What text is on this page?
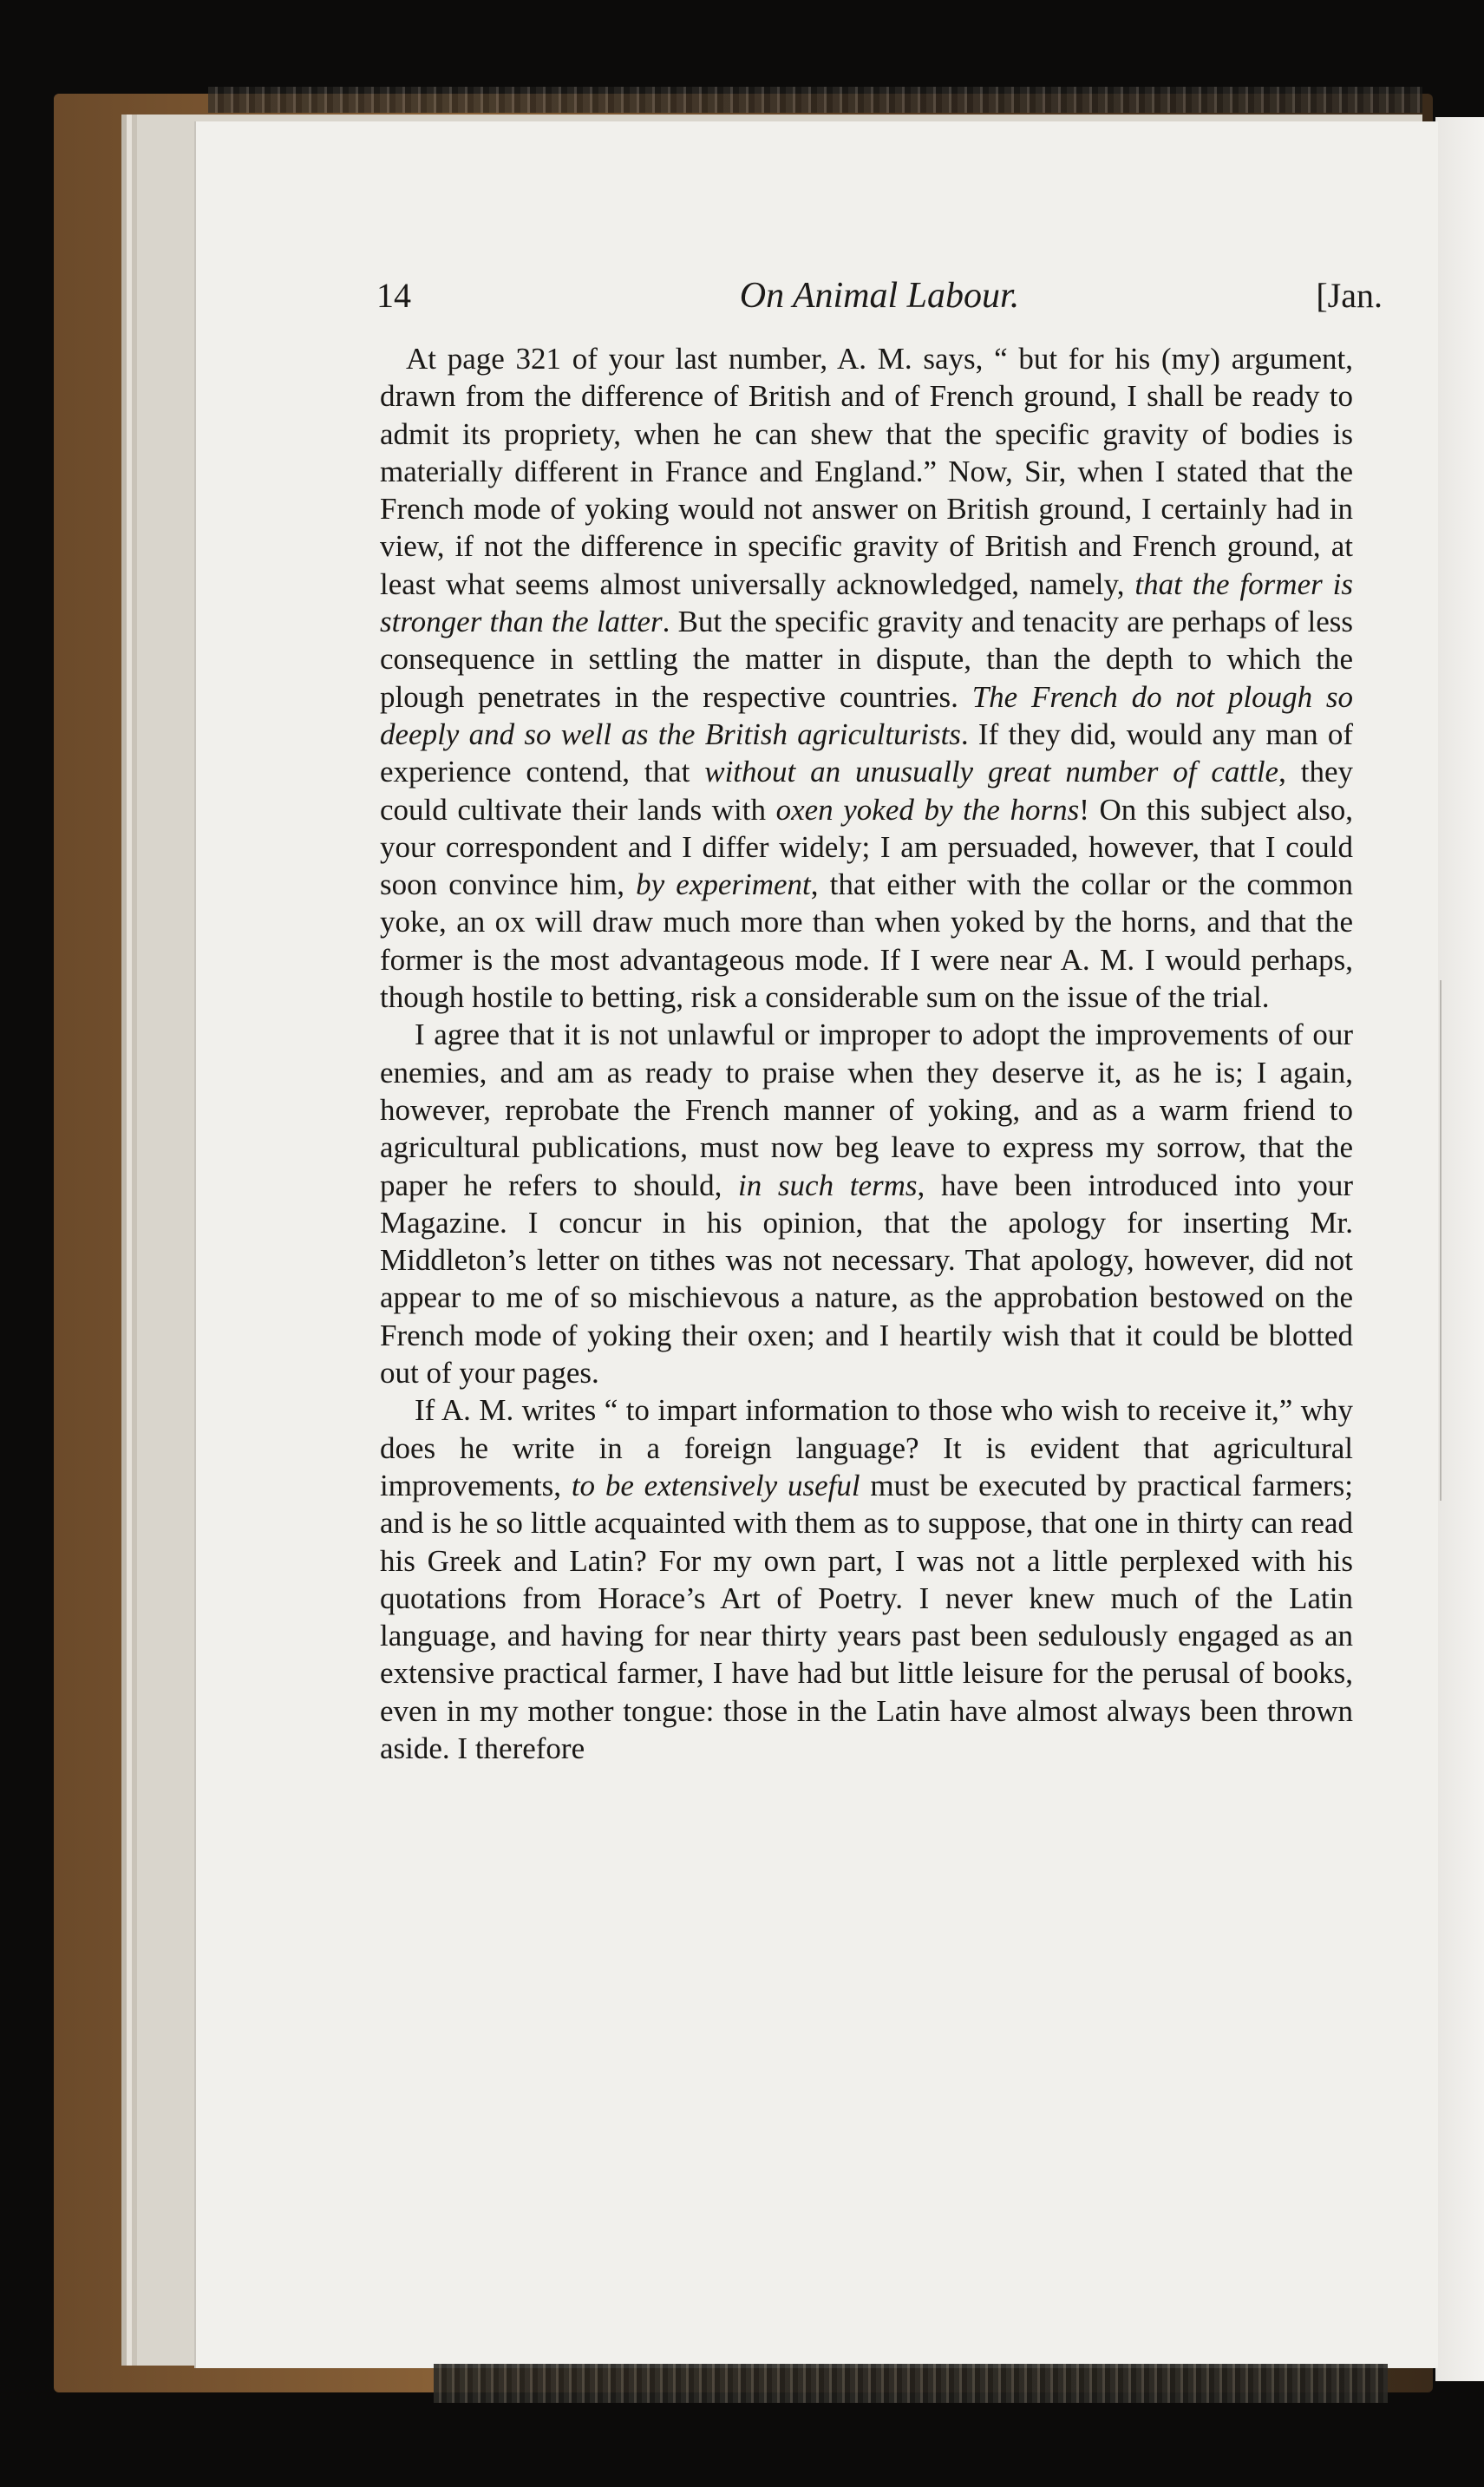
14	On Animal Labour.	[Jan.

At page 321 of your last number, A. M. says, “ but for his (my) argument, drawn from the difference of British and of French ground, I shall be ready to admit its propriety, when he can shew that the specific gravity of bodies is materially different in France and England.” Now, Sir, when I stated that the French mode of yoking would not answer on British ground, I certainly had in view, if not the difference in specific gravity of British and French ground, at least what seems almost universally acknowledged, namely, that the former is stronger than the latter. But the specific gravity and tenacity are perhaps of less consequence in settling the matter in dispute, than the depth to which the plough penetrates in the respective countries. The French do not plough so deeply and so well as the British agriculturists. If they did, would any man of experience contend, that without an unusually great number of cattle, they could cultivate their lands with oxen yoked by the horns! On this subject also, your correspondent and I differ widely; I am persuaded, however, that I could soon convince him, by experiment, that either with the collar or the common yoke, an ox will draw much more than when yoked by the horns, and that the former is the most advantageous mode. If I were near A. M. I would perhaps, though hostile to betting, risk a considerable sum on the issue of the trial.

I agree that it is not unlawful or improper to adopt the improvements of our enemies, and am as ready to praise when they deserve it, as he is; I again, however, reprobate the French manner of yoking, and as a warm friend to agricultural publications, must now beg leave to express my sorrow, that the paper he refers to should, in such terms, have been introduced into your Magazine. I concur in his opinion, that the apology for inserting Mr. Middleton’s letter on tithes was not necessary. That apology, however, did not appear to me of so mischievous a nature, as the approbation bestowed on the French mode of yoking their oxen; and I heartily wish that it could be blotted out of your pages.

If A. M. writes “ to impart information to those who wish to receive it,” why does he write in a foreign language? It is evident that agricultural improvements, to be extensively useful must be executed by practical farmers; and is he so little acquainted with them as to suppose, that one in thirty can read his Greek and Latin? For my own part, I was not a little perplexed with his quotations from Horace’s Art of Poetry. I never knew much of the Latin language, and having for near thirty years past been sedulously engaged as an extensive practical farmer, I have had but little leisure for the perusal of books, even in my mother tongue: those in the Latin have almost always been thrown aside. I therefore
